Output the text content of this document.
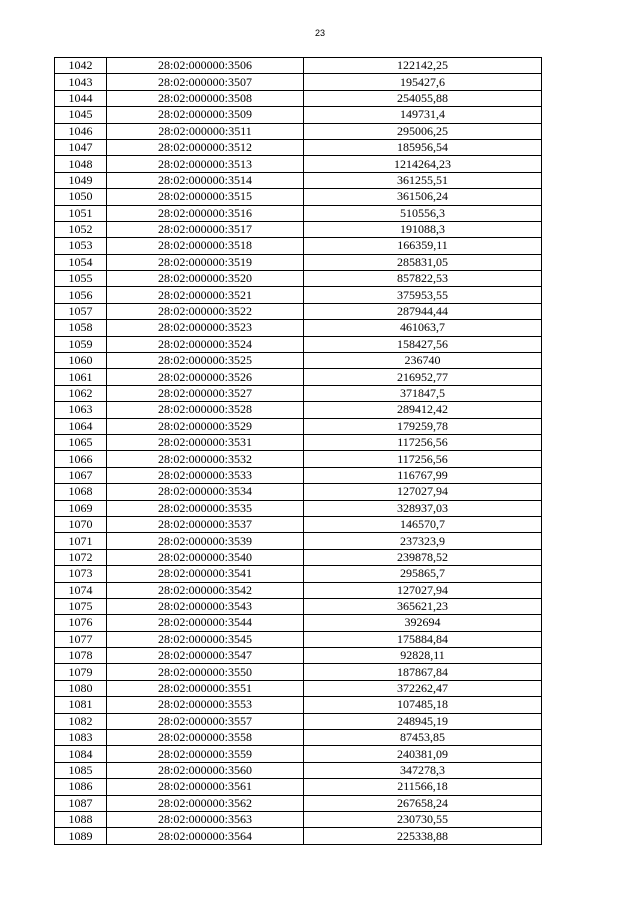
23
1042	28:02:000000:3506	122142,25
1043	28:02:000000:3507	195427,6
1044	28:02:000000:3508	254055,88
1045	28:02:000000:3509	149731,4
1046	28:02:000000:3511	295006,25
1047	28:02:000000:3512	185956,54
1048	28:02:000000:3513	1214264,23
1049	28:02:000000:3514	361255,51
1050	28:02:000000:3515	361506,24
1051	28:02:000000:3516	510556,3
1052	28:02:000000:3517	191088,3
1053	28:02:000000:3518	166359,11
1054	28:02:000000:3519	285831,05
1055	28:02:000000:3520	857822,53
1056	28:02:000000:3521	375953,55
1057	28:02:000000:3522	287944,44
1058	28:02:000000:3523	461063,7
1059	28:02:000000:3524	158427,56
1060	28:02:000000:3525	236740
1061	28:02:000000:3526	216952,77
1062	28:02:000000:3527	371847,5
1063	28:02:000000:3528	289412,42
1064	28:02:000000:3529	179259,78
1065	28:02:000000:3531	117256,56
1066	28:02:000000:3532	117256,56
1067	28:02:000000:3533	116767,99
1068	28:02:000000:3534	127027,94
1069	28:02:000000:3535	328937,03
1070	28:02:000000:3537	146570,7
1071	28:02:000000:3539	237323,9
1072	28:02:000000:3540	239878,52
1073	28:02:000000:3541	295865,7
1074	28:02:000000:3542	127027,94
1075	28:02:000000:3543	365621,23
1076	28:02:000000:3544	392694
1077	28:02:000000:3545	175884,84
1078	28:02:000000:3547	92828,11
1079	28:02:000000:3550	187867,84
1080	28:02:000000:3551	372262,47
1081	28:02:000000:3553	107485,18
1082	28:02:000000:3557	248945,19
1083	28:02:000000:3558	87453,85
1084	28:02:000000:3559	240381,09
1085	28:02:000000:3560	347278,3
1086	28:02:000000:3561	211566,18
1087	28:02:000000:3562	267658,24
1088	28:02:000000:3563	230730,55
1089	28:02:000000:3564	225338,88
